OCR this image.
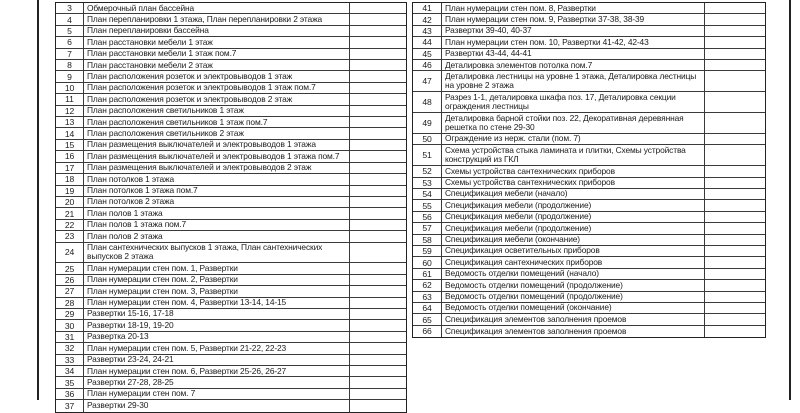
3	Обмерочный план бассейна
4	План перепланировки 1 этажа, План перепланировки 2 этажа
5	План перепланировки бассейна
6	План расстановки мебели 1 этаж
7	План расстановки мебели 1 этаж пом.7
8	План расстановки мебели 2 этаж
9	План расположения розеток и электровыводов 1 этаж
10	План расположения розеток и электровыводов 1 этаж пом.7
11	План расположения розеток и электровыводов 2 этаж
12	План расположения светильников 1 этаж
13	План расположения светильников 1 этаж пом.7
14	План расположения светильников 2 этаж
15	План размещения выключателей и электровыводов 1 этажа
16	План размещения выключателей и электровыводов 1 этажа пом.7
17	План размещения выключателей и электровыводов 2 этаж
18	План потолков 1 этажа
19	План потолков 1 этажа пом.7
20	План потолков 2 этажа
21	План полов 1 этажа
22	План полов 1 этажа пом.7
23	План полов 2 этажа
24
План сантехнических выпусков 1 этажа, План сантехнических выпусков 2 этажа
25	План нумерации стен пом. 1, Развертки
26	План нумерации стен пом. 2, Развертки
27	План нумерации стен пом. 3, Развертки
28	План нумерации стен пом. 4, Развертки 13-14, 14-15
29	Развертки 15-16, 17-18
30	Развертки 18-19, 19-20
31	Развертка 20-13
32	План нумерации стен пом. 5, Развертки 21-22, 22-23
33	Развертки 23-24, 24-21
34	План нумерации стен пом. 6, Развертки 25-26, 26-27
35	Развертки 27-28, 28-25
36	План нумерации стен пом. 7
37	Развертки 29-30
41	План нумерации стен пом. 8, Развертки
42	План нумерации стен пом. 9, Развертки 37-38, 38-39
43	Развертки 39-40, 40-37
44	План нумерации стен пом. 10, Развертки 41-42, 42-43
45	Развертки 43-44, 44-41
46	Деталировка элементов потолка пом.7
47
Деталировка лестницы на уровне 1 этажа, Деталировка лестницы на уровне 2 этажа
48
Разрез 1-1, деталировка шкафа поз. 17, Деталировка секции ограждения лестницы
49
Деталировка барной стойки поз. 22, Декоративная деревянная решетка по стене 29-30
50	Ограждение из нерж. стали (пом. 7)
51
Схема устройства стыка ламината и плитки, Схемы устройства конструкций из ГКЛ
52	Схемы устройства сантехнических приборов
53	Схемы устройства сантехнических приборов
54	Спецификация мебели (начало)
55	Спецификация мебели (продолжение)
56	Спецификация мебели (продолжение)
57	Спецификация мебели (продолжение)
58	Спецификация мебели (окончание)
59	Спецификация осветительных приборов
60	Спецификация сантехнических приборов
61	Ведомость отделки помещений (начало)
62	Ведомость отделки помещений (продолжение)
63	Ведомость отделки помещений (продолжение)
64	Ведомость отделки помещений (окончание)
65	Спецификация элементов заполнения проемов
66	Спецификация элементов заполнения проемов
